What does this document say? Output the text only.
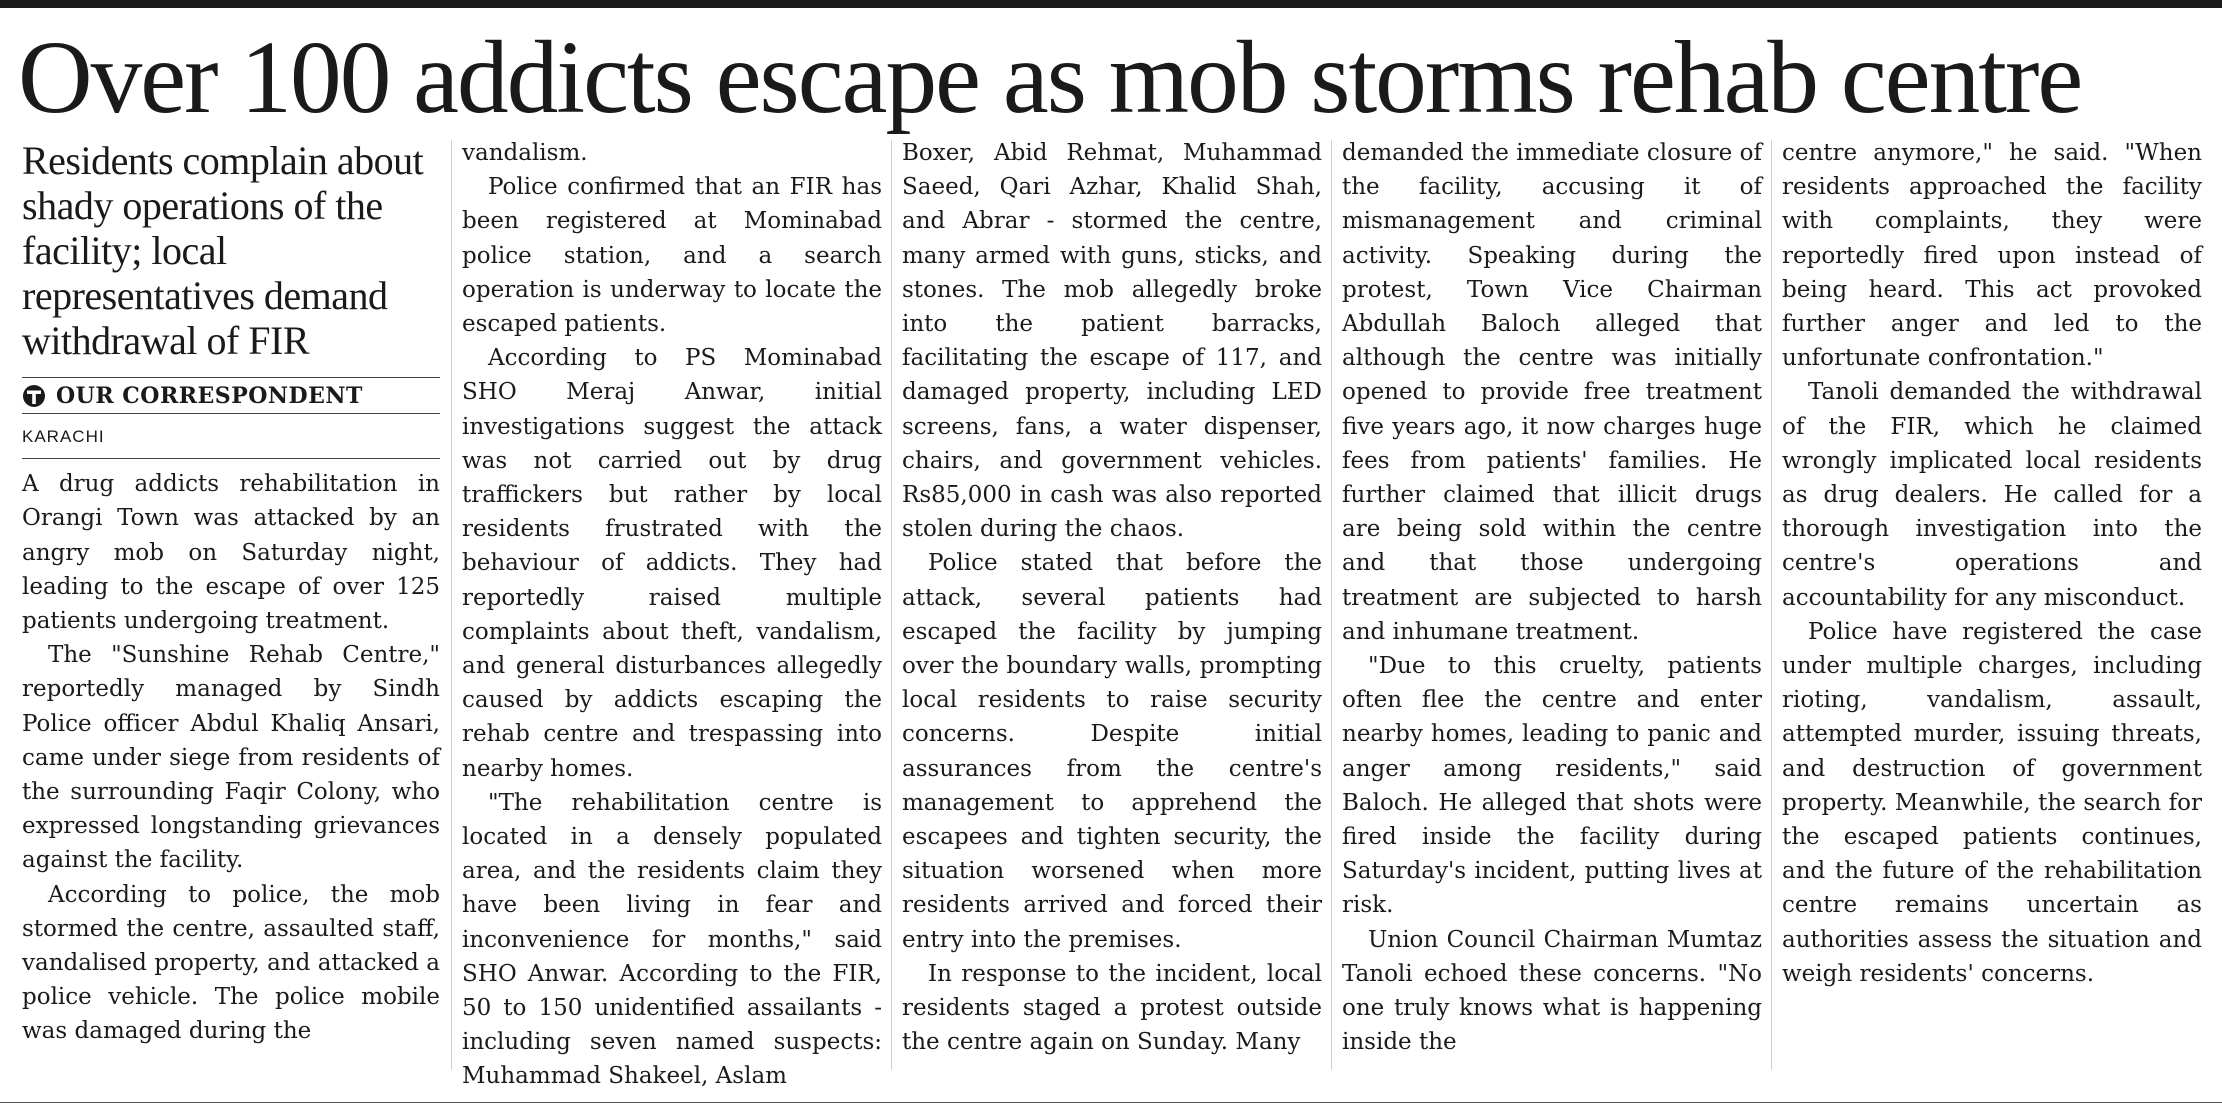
Over 100 addicts escape as mob storms rehab centre
Residents complain about shady operations of the facility; local representatives demand withdrawal of FIR
OUR CORRESPONDENT
KARACHI

A drug addicts rehabilitation in Orangi Town was attacked by an angry mob on Saturday night, leading to the escape of over 125 patients undergoing treatment.

The "Sunshine Rehab Centre," reportedly managed by Sindh Police officer Abdul Khaliq Ansari, came under siege from residents of the surrounding Faqir Colony, who expressed longstanding grievances against the facility.

According to police, the mob stormed the centre, assaulted staff, vandalised property, and attacked a police vehicle. The police mobile was damaged during the

vandalism.

Police confirmed that an FIR has been registered at Mominabad police station, and a search operation is underway to locate the escaped patients.

According to PS Mominabad SHO Meraj Anwar, initial investigations suggest the attack was not carried out by drug traffickers but rather by local residents frustrated with the behaviour of addicts. They had reportedly raised multiple complaints about theft, vandalism, and general disturbances allegedly caused by addicts escaping the rehab centre and trespassing into nearby homes.

"The rehabilitation centre is located in a densely populated area, and the residents claim they have been living in fear and inconvenience for months," said SHO Anwar. According to the FIR, 50 to 150 unidentified assailants - including seven named suspects: Muhammad Shakeel, Aslam

Boxer, Abid Rehmat, Muhammad Saeed, Qari Azhar, Khalid Shah, and Abrar - stormed the centre, many armed with guns, sticks, and stones. The mob allegedly broke into the patient barracks, facilitating the escape of 117, and damaged property, including LED screens, fans, a water dispenser, chairs, and government vehicles. Rs85,000 in cash was also reported stolen during the chaos.

Police stated that before the attack, several patients had escaped the facility by jumping over the boundary walls, prompting local residents to raise security concerns. Despite initial assurances from the centre's management to apprehend the escapees and tighten security, the situation worsened when more residents arrived and forced their entry into the premises.

In response to the incident, local residents staged a protest outside the centre again on Sunday. Many

demanded the immediate closure of the facility, accusing it of mismanagement and criminal activity. Speaking during the protest, Town Vice Chairman Abdullah Baloch alleged that although the centre was initially opened to provide free treatment five years ago, it now charges huge fees from patients' families. He further claimed that illicit drugs are being sold within the centre and that those undergoing treatment are subjected to harsh and inhumane treatment.

"Due to this cruelty, patients often flee the centre and enter nearby homes, leading to panic and anger among residents," said Baloch. He alleged that shots were fired inside the facility during Saturday's incident, putting lives at risk.

Union Council Chairman Mumtaz Tanoli echoed these concerns. "No one truly knows what is happening inside the

centre anymore," he said. "When residents approached the facility with complaints, they were reportedly fired upon instead of being heard. This act provoked further anger and led to the unfortunate confrontation."

Tanoli demanded the withdrawal of the FIR, which he claimed wrongly implicated local residents as drug dealers. He called for a thorough investigation into the centre's operations and accountability for any misconduct.

Police have registered the case under multiple charges, including rioting, vandalism, assault, attempted murder, issuing threats, and destruction of government property. Meanwhile, the search for the escaped patients continues, and the future of the rehabilitation centre remains uncertain as authorities assess the situation and weigh residents' concerns.
